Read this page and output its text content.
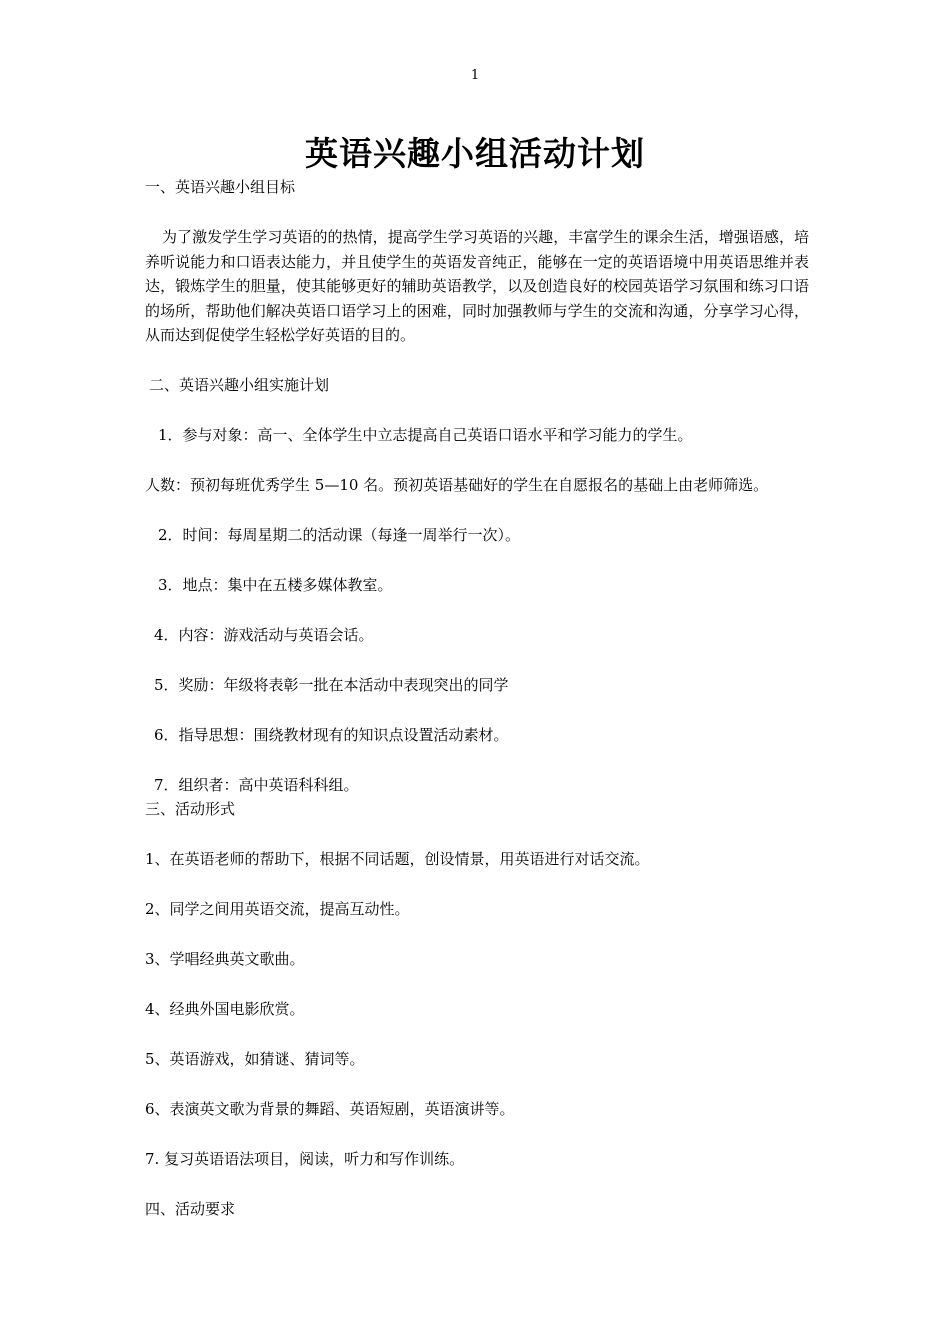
1
英语兴趣小组活动计划
一、英语兴趣小组目标
为了激发学生学习英语的的热情，提高学生学习英语的兴趣，丰富学生的课余生活，增强语感，培养听说能力和口语表达能力，并且使学生的英语发音纯正，能够在一定的英语语境中用英语思维并表达，锻炼学生的胆量，使其能够更好的辅助英语教学，以及创造良好的校园英语学习氛围和练习口语的场所，帮助他们解决英语口语学习上的困难，同时加强教师与学生的交流和沟通，分享学习心得，从而达到促使学生轻松学好英语的目的。
二、英语兴趣小组实施计划
1．参与对象：高一、全体学生中立志提高自己英语口语水平和学习能力的学生。
人数：预初每班优秀学生 5—10 名。预初英语基础好的学生在自愿报名的基础上由老师筛选。
2．时间：每周星期二的活动课（每逢一周举行一次）。
3．地点：集中在五楼多媒体教室。
4．内容：游戏活动与英语会话。
5．奖励：年级将表彰一批在本活动中表现突出的同学
6．指导思想：围绕教材现有的知识点设置活动素材。
7．组织者：高中英语科科组。
三、活动形式
1、在英语老师的帮助下，根据不同话题，创设情景，用英语进行对话交流。
2、同学之间用英语交流，提高互动性。
3、学唱经典英文歌曲。
4、经典外国电影欣赏。
5、英语游戏，如猜谜、猜词等。
6、表演英文歌为背景的舞蹈、英语短剧，英语演讲等。
7. 复习英语语法项目，阅读，听力和写作训练。
四、活动要求
